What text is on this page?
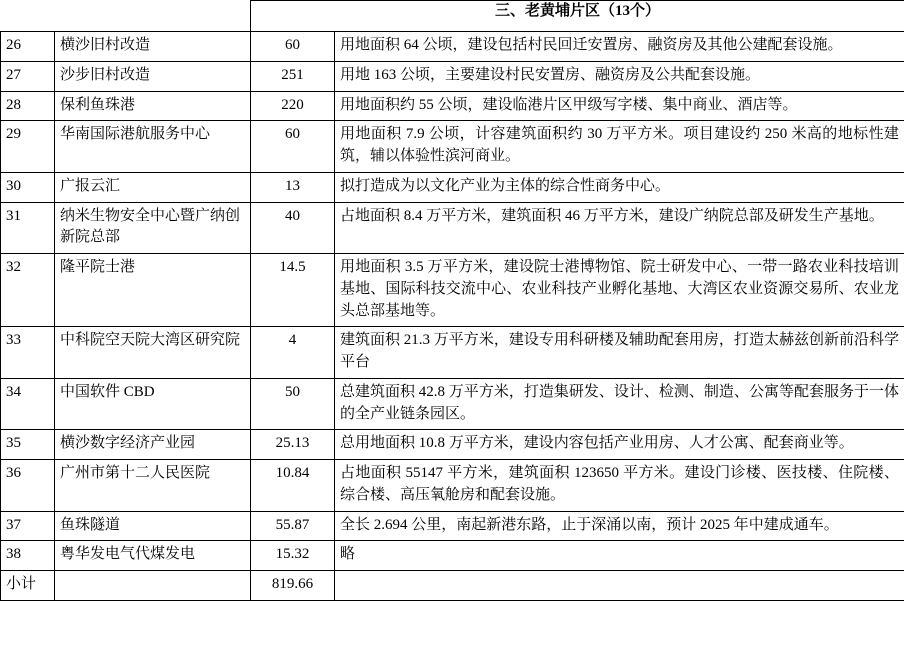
		三、老黄埔片区（13个）	
26	横沙旧村改造	60	用地面积 64 公顷，建设包括村民回迁安置房、融资房及其他公建配套设施。
27	沙步旧村改造	251	用地 163 公顷，主要建设村民安置房、融资房及公共配套设施。
28	保利鱼珠港	220	用地面积约 55 公顷，建设临港片区甲级写字楼、集中商业、酒店等。
29	华南国际港航服务中心	60	用地面积 7.9 公顷，计容建筑面积约 30 万平方米。项目建设约 250 米高的地标性建筑，辅以体验性滨河商业。
30	广报云汇	13	拟打造成为以文化产业为主体的综合性商务中心。
31	纳米生物安全中心暨广纳创新院总部	40	占地面积 8.4 万平方米，建筑面积 46 万平方米，建设广纳院总部及研发生产基地。
32	隆平院士港	14.5	用地面积 3.5 万平方米，建设院士港博物馆、院士研发中心、一带一路农业科技培训基地、国际科技交流中心、农业科技产业孵化基地、大湾区农业资源交易所、农业龙头总部基地等。
33	中科院空天院大湾区研究院	4	建筑面积 21.3 万平方米，建设专用科研楼及辅助配套用房，打造太赫兹创新前沿科学平台
34	中国软件 CBD	50	总建筑面积 42.8 万平方米，打造集研发、设计、检测、制造、公寓等配套服务于一体的全产业链条园区。
35	横沙数字经济产业园	25.13	总用地面积 10.8 万平方米，建设内容包括产业用房、人才公寓、配套商业等。
36	广州市第十二人民医院	10.84	占地面积 55147 平方米，建筑面积 123650 平方米。建设门诊楼、医技楼、住院楼、综合楼、高压氧舱房和配套设施。
37	鱼珠隧道	55.87	全长 2.694 公里，南起新港东路，止于深涌以南，预计 2025 年中建成通车。
38	粤华发电气代煤发电	15.32	略
小计		819.66	
